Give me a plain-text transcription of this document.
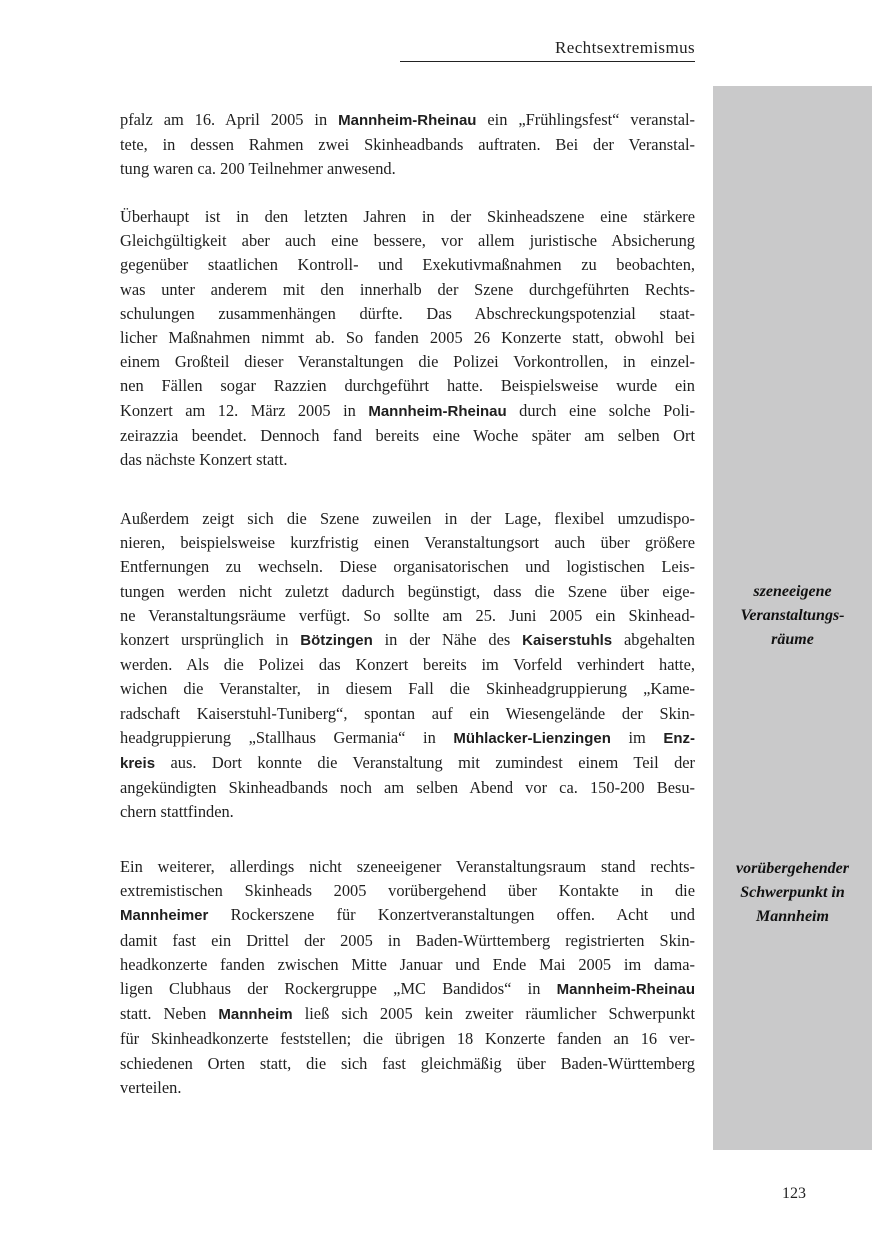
Rechtsextremismus
pfalz am 16. April 2005 in Mannheim-Rheinau ein „Frühlingsfest“ veranstal-
tete, in dessen Rahmen zwei Skinheadbands auftraten. Bei der Veranstal-
tung waren ca. 200 Teilnehmer anwesend.
Überhaupt ist in den letzten Jahren in der Skinheadszene eine stärkere
Gleichgültigkeit aber auch eine bessere, vor allem juristische Absicherung
gegenüber staatlichen Kontroll- und Exekutivmaßnahmen zu beobachten,
was unter anderem mit den innerhalb der Szene durchgeführten Rechts-
schulungen zusammenhängen dürfte. Das Abschreckungspotenzial staat-
licher Maßnahmen nimmt ab. So fanden 2005 26 Konzerte statt, obwohl bei
einem Großteil dieser Veranstaltungen die Polizei Vorkontrollen, in einzel-
nen Fällen sogar Razzien durchgeführt hatte. Beispielsweise wurde ein
Konzert am 12. März 2005 in Mannheim-Rheinau durch eine solche Poli-
zeirazzia beendet. Dennoch fand bereits eine Woche später am selben Ort
das nächste Konzert statt.
Außerdem zeigt sich die Szene zuweilen in der Lage, flexibel umzudispo-
nieren, beispielsweise kurzfristig einen Veranstaltungsort auch über größere
Entfernungen zu wechseln. Diese organisatorischen und logistischen Leis-
tungen werden nicht zuletzt dadurch begünstigt, dass die Szene über eige-
ne Veranstaltungsräume verfügt. So sollte am 25. Juni 2005 ein Skinhead-
konzert ursprünglich in Bötzingen in der Nähe des Kaiserstuhls abgehalten
werden. Als die Polizei das Konzert bereits im Vorfeld verhindert hatte,
wichen die Veranstalter, in diesem Fall die Skinheadgruppierung „Kame-
radschaft Kaiserstuhl-Tuniberg“, spontan auf ein Wiesengelände der Skin-
headgruppierung „Stallhaus Germania“ in Mühlacker-Lienzingen im Enz-
kreis aus. Dort konnte die Veranstaltung mit zumindest einem Teil der
angekündigten Skinheadbands noch am selben Abend vor ca. 150-200 Besu-
chern stattfinden.
Ein weiterer, allerdings nicht szeneeigener Veranstaltungsraum stand rechts-
extremistischen Skinheads 2005 vorübergehend über Kontakte in die
Mannheimer Rockerszene für Konzertveranstaltungen offen. Acht und
damit fast ein Drittel der 2005 in Baden-Württemberg registrierten Skin-
headkonzerte fanden zwischen Mitte Januar und Ende Mai 2005 im dama-
ligen Clubhaus der Rockergruppe „MC Bandidos“ in Mannheim-Rheinau
statt. Neben Mannheim ließ sich 2005 kein zweiter räumlicher Schwerpunkt
für Skinheadkonzerte feststellen; die übrigen 18 Konzerte fanden an 16 ver-
schiedenen Orten statt, die sich fast gleichmäßig über Baden-Württemberg
verteilen.
szeneeigene
Veranstaltungs-
räume
vorübergehender
Schwerpunkt in
Mannheim
123
